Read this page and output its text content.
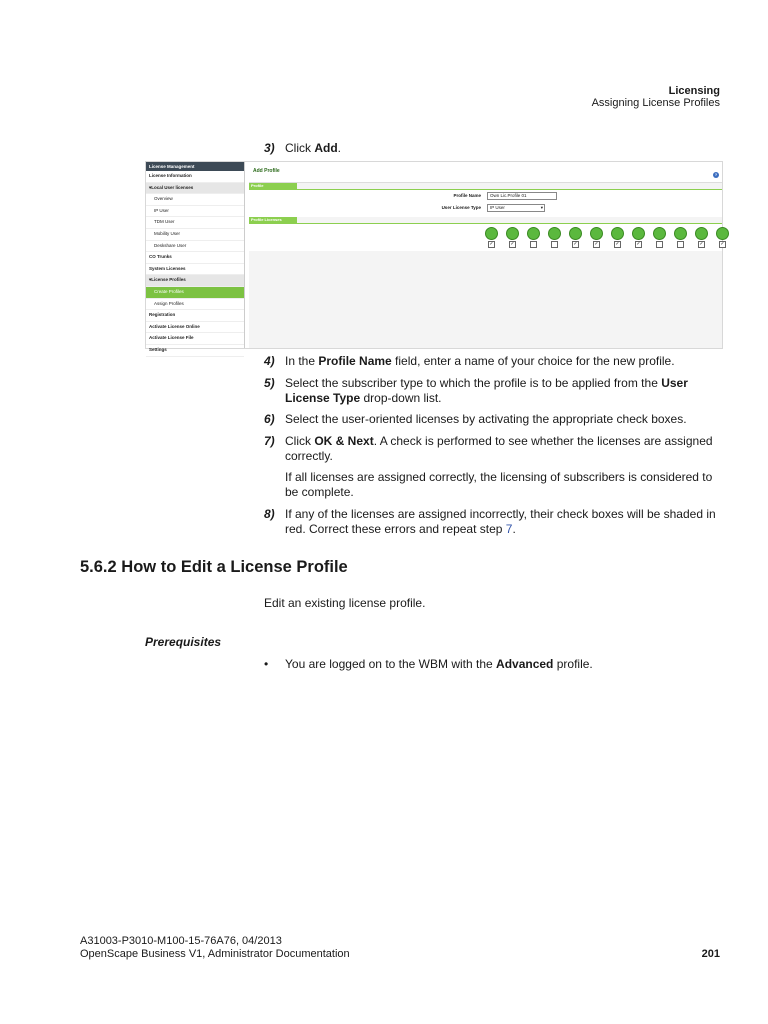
Licensing
Assigning License Profiles
3) Click Add.
License Management
License Information
▾Local User licenses
Overview
IP User
TDM User
Mobility User
Deskshare User
CO Trunks
System Licenses
▾License Profiles
Create Profiles
Assign Profiles
Registration
Activate License Online
Activate License File
Settings
Add Profile
?
Profile
Profile Name	Own Lic.Profile 01
User License Type	IP User	▾
Profile Licenses
✓	✓	✓	✓	✓	✓	✓	✓
4) In the Profile Name field, enter a name of your choice for the new profile.
5) Select the subscriber type to which the profile is to be applied from the User License Type drop-down list.
6) Select the user-oriented licenses by activating the appropriate check boxes.
7) Click OK & Next. A check is performed to see whether the licenses are assigned correctly.
If all licenses are assigned correctly, the licensing of subscribers is considered to be complete.
8) If any of the licenses are assigned incorrectly, their check boxes will be shaded in red. Correct these errors and repeat step 7.
5.6.2 How to Edit a License Profile
Edit an existing license profile.
Prerequisites
• You are logged on to the WBM with the Advanced profile.
A31003-P3010-M100-15-76A76, 04/2013
OpenScape Business V1, Administrator Documentation	201
